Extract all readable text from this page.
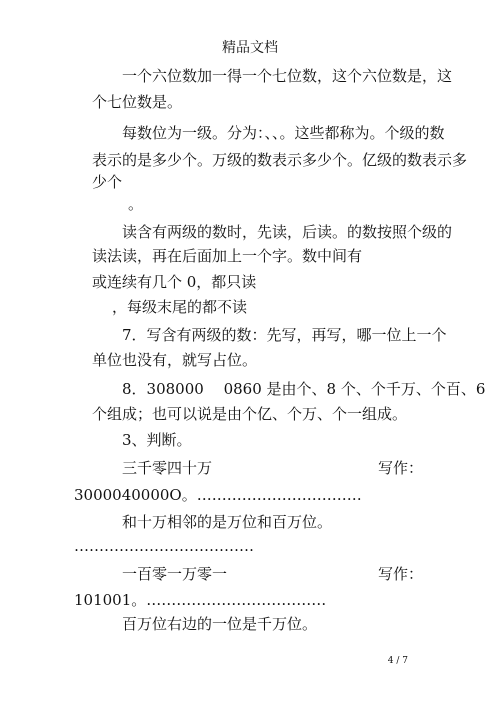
精品文档
一个六位数加一得一个七位数，这个六位数是，这
个七位数是。
每数位为一级。分为：、、。这些都称为。个级的数
表示的是多少个。万级的数表示多少个。亿级的数表示多
少个
。
读含有两级的数时，先读，后读。的数按照个级的
读法读，再在后面加上一个字。数中间有
或连续有几个 0，都只读
，每级末尾的都不读
7．写含有两级的数：先写，再写，哪一位上一个
单位也没有，就写占位。
8．308000　 0860 是由个、8 个、个千万、个百、6
个组成；也可以说是由个亿、个万、个一组成。
3、判断。
三千零四十万	写作：
3000040000O。……………………………
和十万相邻的是万位和百万位。
………………………………
一百零一万零一	写作：
101001。………………………………
百万位右边的一位是千万位。
4 / 7
